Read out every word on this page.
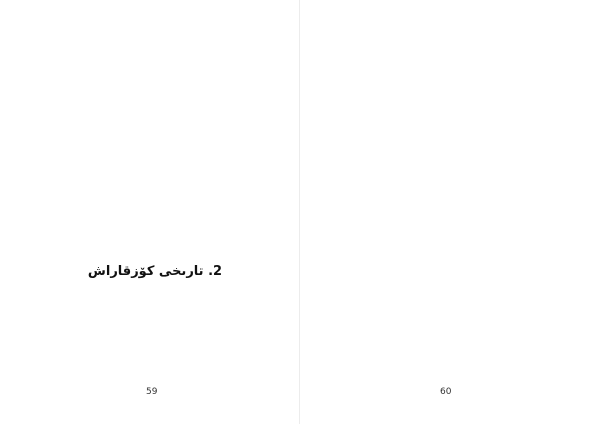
2. تارىخى كۆزقاراش
59	60
